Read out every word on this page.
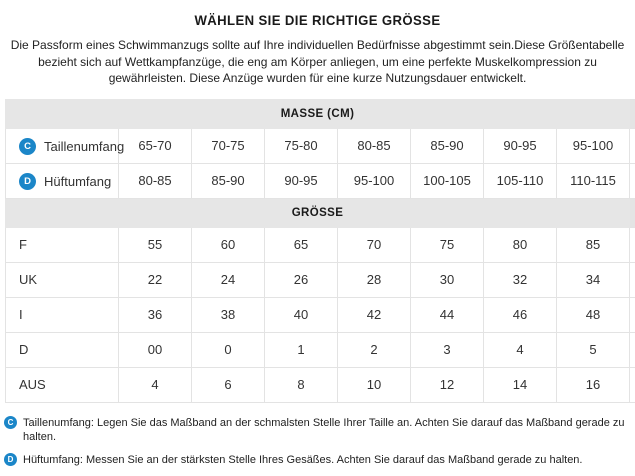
WÄHLEN SIE DIE RICHTIGE GRÖSSE

Die Passform eines Schwimmanzugs sollte auf Ihre individuellen Bedürfnisse abgestimmt sein.Diese Größentabelle bezieht sich auf Wettkampfanzüge, die eng am Körper anliegen, um eine perfekte Muskelkompression zu gewährleisten. Diese Anzüge wurden für eine kurze Nutzungsdauer entwickelt.

MASSE (CM)								

C Taillenumfang	65-70	70-75	75-80	80-85	85-90	90-95	95-100	

D Hüftumfang	80-85	85-90	90-95	95-100	100-105	105-110	110-115	
GRÖSSE								
F	55	60	65	70	75	80	85	
UK	22	24	26	28	30	32	34	
I	36	38	40	42	44	46	48	
D	00	0	1	2	3	4	5	
AUS	4	6	8	10	12	14	16	
C Taillenumfang: Legen Sie das Maßband an der schmalsten Stelle Ihrer Taille an. Achten Sie darauf das Maßband gerade zu halten.
D Hüftumfang: Messen Sie an der stärksten Stelle Ihres Gesäßes. Achten Sie darauf das Maßband gerade zu halten.
